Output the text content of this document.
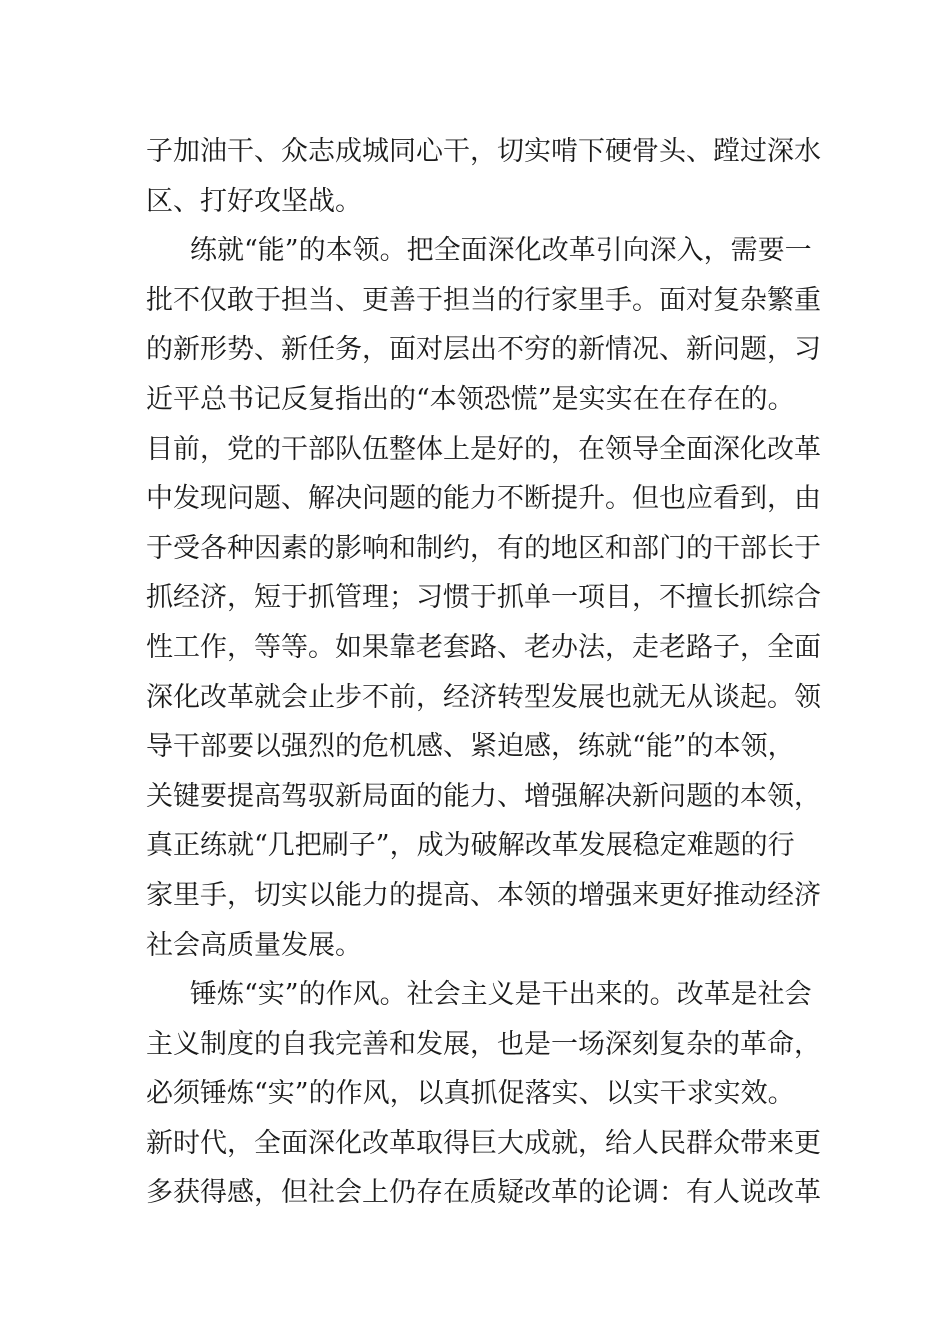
子加油干、众志成城同心干，切实啃下硬骨头、蹚过深水
区、打好攻坚战。
练就“能”的本领。把全面深化改革引向深入，需要一
批不仅敢于担当、更善于担当的行家里手。面对复杂繁重
的新形势、新任务，面对层出不穷的新情况、新问题，习
近平总书记反复指出的“本领恐慌”是实实在在存在的。
目前，党的干部队伍整体上是好的，在领导全面深化改革
中发现问题、解决问题的能力不断提升。但也应看到，由
于受各种因素的影响和制约，有的地区和部门的干部长于
抓经济，短于抓管理；习惯于抓单一项目，不擅长抓综合
性工作，等等。如果靠老套路、老办法，走老路子，全面
深化改革就会止步不前，经济转型发展也就无从谈起。领
导干部要以强烈的危机感、紧迫感，练就“能”的本领，
关键要提高驾驭新局面的能力、增强解决新问题的本领，
真正练就“几把刷子”，成为破解改革发展稳定难题的行
家里手，切实以能力的提高、本领的增强来更好推动经济
社会高质量发展。
锤炼“实”的作风。社会主义是干出来的。改革是社会
主义制度的自我完善和发展，也是一场深刻复杂的革命，
必须锤炼“实”的作风，以真抓促落实、以实干求实效。
新时代，全面深化改革取得巨大成就，给人民群众带来更
多获得感，但社会上仍存在质疑改革的论调：有人说改革
